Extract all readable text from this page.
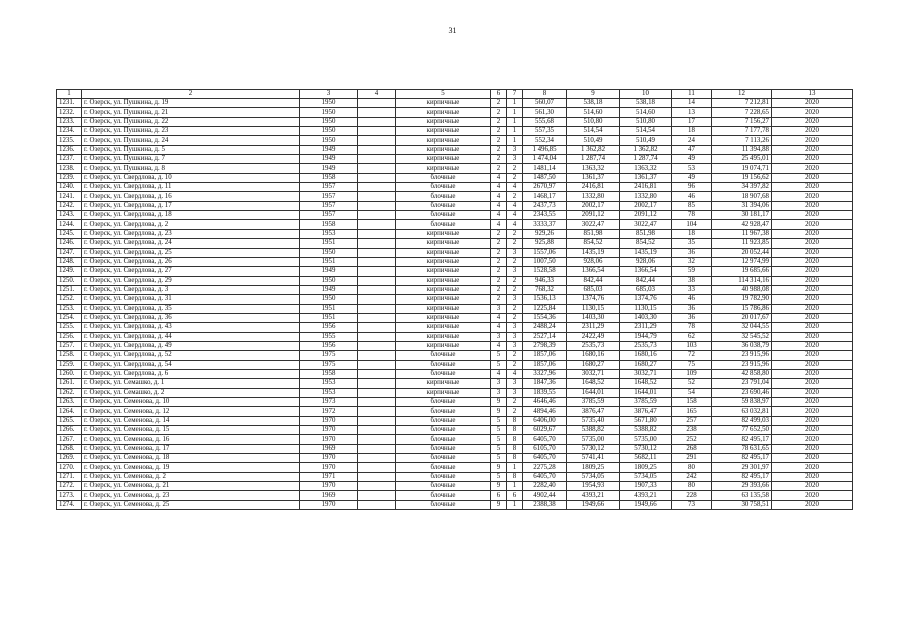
31
1	2	3	4	5	6	7	8	9	10	11	12	13
1231.	г. Озерск, ул. Пушкина, д. 19	1950		кирпичные	2	1	560,07	538,18	538,18	14	7 212,81	2020
1232.	г. Озерск, ул. Пушкина, д. 21	1950		кирпичные	2	1	561,30	514,60	514,60	13	7 228,65	2020
1233.	г. Озерск, ул. Пушкина, д. 22	1950		кирпичные	2	1	555,68	510,80	510,80	17	7 156,27	2020
1234.	г. Озерск, ул. Пушкина, д. 23	1950		кирпичные	2	1	557,35	514,54	514,54	18	7 177,78	2020
1235.	г. Озерск, ул. Пушкина, д. 24	1950		кирпичные	2	1	552,34	510,49	510,49	24	7 113,26	2020
1236.	г. Озерск, ул. Пушкина, д. 5	1949		кирпичные	2	3	1 496,85	1 362,82	1 362,82	47	11 394,88	2020
1237.	г. Озерск, ул. Пушкина, д. 7	1949		кирпичные	2	3	1 474,04	1 287,74	1 287,74	49	25 495,01	2020
1238.	г. Озерск, ул. Пушкина, д. 8	1949		кирпичные	2	2	1481,14	1363,32	1363,32	53	19 074,71	2020
1239.	г. Озерск, ул. Свердлова, д. 10	1958		блочные	4	2	1487,50	1361,37	1361,37	49	19 156,62	2020
1240.	г. Озерск, ул. Свердлова, д. 11	1957		блочные	4	4	2670,97	2416,81	2416,81	96	34 397,82	2020
1241.	г. Озерск, ул. Свердлова, д. 16	1957		блочные	4	2	1468,17	1332,80	1332,80	46	18 907,68	2020
1242.	г. Озерск, ул. Свердлова, д. 17	1957		блочные	4	4	2437,73	2002,17	2002,17	85	31 394,06	2020
1243.	г. Озерск, ул. Свердлова, д. 18	1957		блочные	4	4	2343,55	2091,12	2091,12	78	30 181,17	2020
1244.	г. Озерск, ул. Свердлова, д. 2	1958		блочные	4	4	3333,37	3022,47	3022,47	104	42 928,47	2020
1245.	г. Озерск, ул. Свердлова, д. 23	1953		кирпичные	2	2	929,26	851,98	851,98	18	11 967,38	2020
1246.	г. Озерск, ул. Свердлова, д. 24	1951		кирпичные	2	2	925,88	854,52	854,52	35	11 923,85	2020
1247.	г. Озерск, ул. Свердлова, д. 25	1950		кирпичные	2	3	1557,06	1435,19	1435,19	36	20 052,44	2020
1248.	г. Озерск, ул. Свердлова, д. 26	1951		кирпичные	2	2	1007,50	928,06	928,06	32	12 974,99	2020
1249.	г. Озерск, ул. Свердлова, д. 27	1949		кирпичные	2	3	1528,58	1366,54	1366,54	59	19 685,66	2020
1250.	г. Озерск, ул. Свердлова, д. 29	1950		кирпичные	2	2	946,33	842,44	842,44	38	114 314,16	2020
1251.	г. Озерск, ул. Свердлова, д. 3	1949		кирпичные	2	2	768,32	685,03	685,03	33	40 988,08	2020
1252.	г. Озерск, ул. Свердлова, д. 31	1950		кирпичные	2	3	1536,13	1374,76	1374,76	46	19 782,90	2020
1253.	г. Озерск, ул. Свердлова, д. 35	1951		кирпичные	3	2	1225,84	1130,15	1130,15	36	15 786,86	2020
1254.	г. Озерск, ул. Свердлова, д. 36	1951		кирпичные	4	2	1554,36	1403,30	1403,30	36	20 017,67	2020
1255.	г. Озерск, ул. Свердлова, д. 43	1956		кирпичные	4	3	2488,24	2311,29	2311,29	78	32 044,55	2020
1256.	г. Озерск, ул. Свердлова, д. 44	1955		кирпичные	3	3	2527,14	2422,49	1944,79	62	32 545,52	2020
1257.	г. Озерск, ул. Свердлова, д. 49	1956		кирпичные	4	3	2798,39	2535,73	2535,73	103	36 038,79	2020
1258.	г. Озерск, ул. Свердлова, д. 52	1975		блочные	5	2	1857,06	1680,16	1680,16	72	23 915,96	2020
1259.	г. Озерск, ул. Свердлова, д. 54	1975		блочные	5	2	1857,06	1680,27	1680,27	75	23 915,96	2020
1260.	г. Озерск, ул. Свердлова, д. 6	1958		блочные	4	4	3327,96	3032,71	3032,71	109	42 858,80	2020
1261.	г. Озерск, ул. Семашко, д. 1	1953		кирпичные	3	3	1847,36	1648,52	1648,52	52	23 791,04	2020
1262.	г. Озерск, ул. Семашко, д. 2	1953		кирпичные	3	3	1839,55	1644,01	1644,01	54	23 690,46	2020
1263.	г. Озерск, ул. Семенова, д. 10	1973		блочные	9	2	4646,46	3785,59	3785,59	158	59 838,97	2020
1264.	г. Озерск, ул. Семенова, д. 12	1972		блочные	9	2	4894,46	3876,47	3876,47	165	63 032,81	2020
1265.	г. Озерск, ул. Семенова, д. 14	1970		блочные	5	8	6406,00	5735,40	5671,80	257	82 499,03	2020
1266.	г. Озерск, ул. Семенова, д. 15	1970		блочные	5	8	6029,67	5388,82	5388,82	238	77 652,50	2020
1267.	г. Озерск, ул. Семенова, д. 16	1970		блочные	5	8	6405,70	5735,00	5735,00	252	82 495,17	2020
1268.	г. Озерск, ул. Семенова, д. 17	1969		блочные	5	8	6105,70	5730,12	5730,12	268	78 631,65	2020
1269.	г. Озерск, ул. Семенова, д. 18	1970		блочные	5	8	6405,70	5741,41	5682,11	291	82 495,17	2020
1270.	г. Озерск, ул. Семенова, д. 19	1970		блочные	9	1	2275,28	1809,25	1809,25	80	29 301,97	2020
1271.	г. Озерск, ул. Семенова, д. 2	1971		блочные	5	8	6405,70	5734,05	5734,05	242	82 495,17	2020
1272.	г. Озерск, ул. Семенова, д. 21	1970		блочные	9	1	2282,40	1954,93	1907,33	80	29 393,66	2020
1273.	г. Озерск, ул. Семенова, д. 23	1969		блочные	6	6	4902,44	4393,21	4393,21	228	63 135,58	2020
1274.	г. Озерск, ул. Семенова, д. 25	1970		блочные	9	1	2388,38	1949,66	1949,66	73	30 758,51	2020
